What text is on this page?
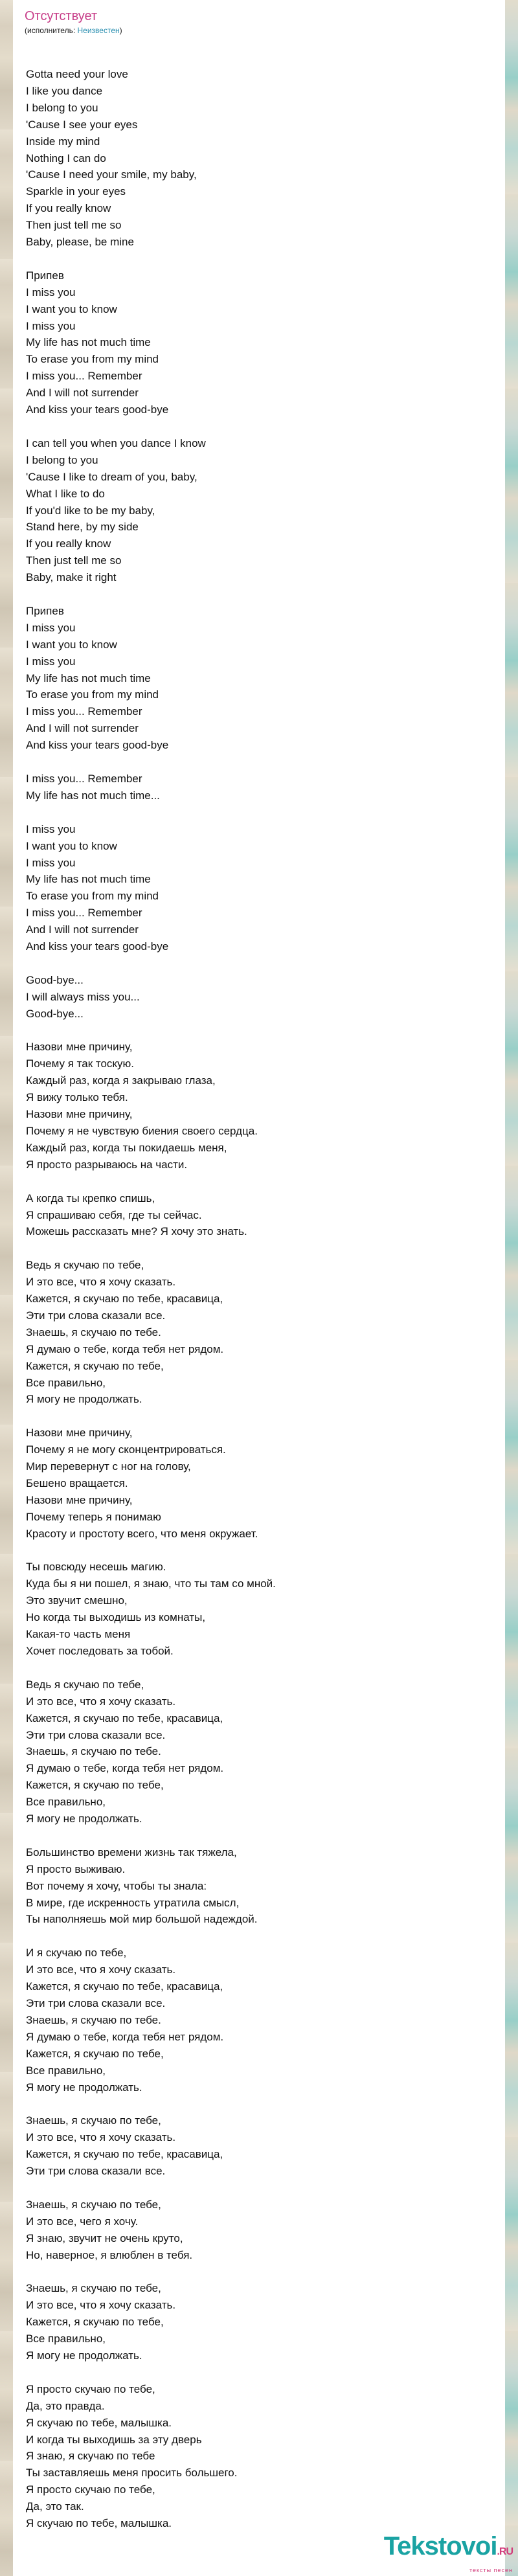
Отсутствует
(исполнитель: Неизвестен)
Gotta need your love
I like you dance
I belong to you
'Cause I see your eyes
Inside my mind
Nothing I can do
'Cause I need your smile, my baby,
Sparkle in your eyes
If you really know
Then just tell me so
Baby, please, be mine
Припев
I miss you
I want you to know
I miss you
My life has not much time
To erase you from my mind
I miss you... Remember
And I will not surrender
And kiss your tears good-bye
I can tell you when you dance I know
I belong to you
'Cause I like to dream of you, baby,
What I like to do
If you'd like to be my baby,
Stand here, by my side
If you really know
Then just tell me so
Baby, make it right
Припев
I miss you
I want you to know
I miss you
My life has not much time
To erase you from my mind
I miss you... Remember
And I will not surrender
And kiss your tears good-bye
I miss you... Remember
My life has not much time...
I miss you
I want you to know
I miss you
My life has not much time
To erase you from my mind
I miss you... Remember
And I will not surrender
And kiss your tears good-bye
Good-bye...
I will always miss you...
Good-bye...
Назови мне причину,
Почему я так тоскую.
Каждый раз, когда я закрываю глаза,
Я вижу только тебя.
Назови мне причину,
Почему я не чувствую биения своего сердца.
Каждый раз, когда ты покидаешь меня,
Я просто разрываюсь на части.
А когда ты крепко спишь,
Я спрашиваю себя, где ты сейчас.
Можешь рассказать мне? Я хочу это знать.
Ведь я скучаю по тебе,
И это все, что я хочу сказать.
Кажется, я скучаю по тебе, красавица,
Эти три слова сказали все.
Знаешь, я скучаю по тебе.
Я думаю о тебе, когда тебя нет рядом.
Кажется, я скучаю по тебе,
Все правильно,
Я могу не продолжать.
Назови мне причину,
Почему я не могу сконцентрироваться.
Мир перевернут с ног на голову,
Бешено вращается.
Назови мне причину,
Почему теперь я понимаю
Красоту и простоту всего, что меня окружает.
Ты повсюду несешь магию.
Куда бы я ни пошел, я знаю, что ты там со мной.
Это звучит смешно,
Но когда ты выходишь из комнаты,
Какая-то часть меня
Хочет последовать за тобой.
Ведь я скучаю по тебе,
И это все, что я хочу сказать.
Кажется, я скучаю по тебе, красавица,
Эти три слова сказали все.
Знаешь, я скучаю по тебе.
Я думаю о тебе, когда тебя нет рядом.
Кажется, я скучаю по тебе,
Все правильно,
Я могу не продолжать.
Большинство времени жизнь так тяжела,
Я просто выживаю.
Вот почему я хочу, чтобы ты знала:
В мире, где искренность утратила смысл,
Ты наполняешь мой мир большой надеждой.
И я скучаю по тебе,
И это все, что я хочу сказать.
Кажется, я скучаю по тебе, красавица,
Эти три слова сказали все.
Знаешь, я скучаю по тебе.
Я думаю о тебе, когда тебя нет рядом.
Кажется, я скучаю по тебе,
Все правильно,
Я могу не продолжать.
Знаешь, я скучаю по тебе,
И это все, что я хочу сказать.
Кажется, я скучаю по тебе, красавица,
Эти три слова сказали все.
Знаешь, я скучаю по тебе,
И это все, чего я хочу.
Я знаю, звучит не очень круто,
Но, наверное, я влюблен в тебя.
Знаешь, я скучаю по тебе,
И это все, что я хочу сказать.
Кажется, я скучаю по тебе,
Все правильно,
Я могу не продолжать.
Я просто скучаю по тебе,
Да, это правда.
Я скучаю по тебе, малышка.
И когда ты выходишь за эту дверь
Я знаю, я скучаю по тебе
Ты заставляешь меня просить большего.
Я просто скучаю по тебе,
Да, это так.
Я скучаю по тебе, малышка.
Tekstovoi.RU
тексты песен
